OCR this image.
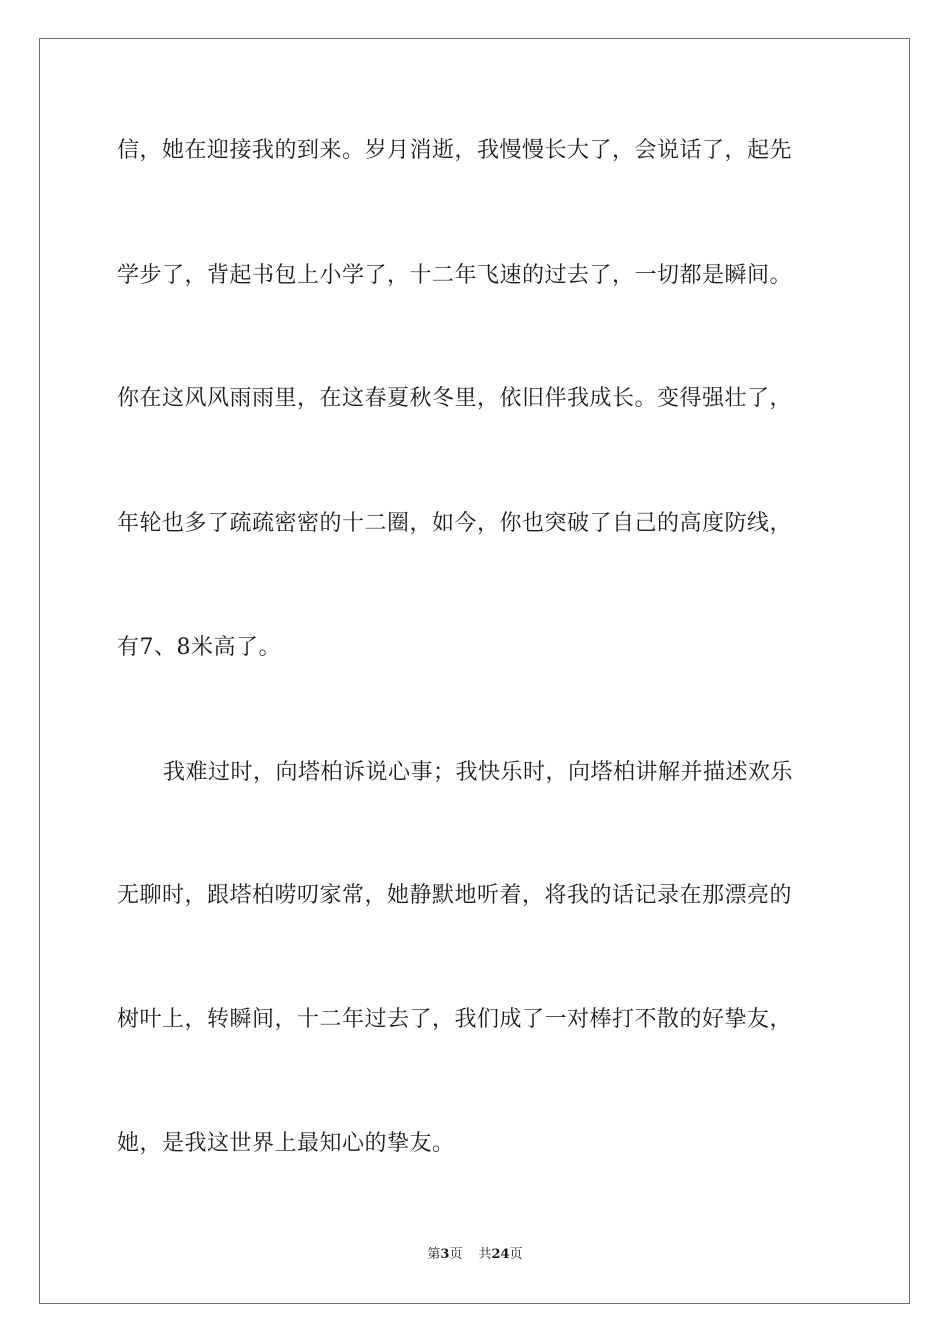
信，她在迎接我的到来。岁月消逝，我慢慢长大了，会说话了，起先
学步了，背起书包上小学了，十二年飞速的过去了，一切都是瞬间。
你在这风风雨雨里，在这春夏秋冬里，依旧伴我成长。变得强壮了，
年轮也多了疏疏密密的十二圈，如今，你也突破了自己的高度防线，
有7、8米高了。
我难过时，向塔柏诉说心事；我快乐时，向塔柏讲解并描述欢乐
无聊时，跟塔柏唠叨家常，她静默地听着，将我的话记录在那漂亮的
树叶上，转瞬间，十二年过去了，我们成了一对棒打不散的好挚友，
她，是我这世界上最知心的挚友。
第3页 共24页
